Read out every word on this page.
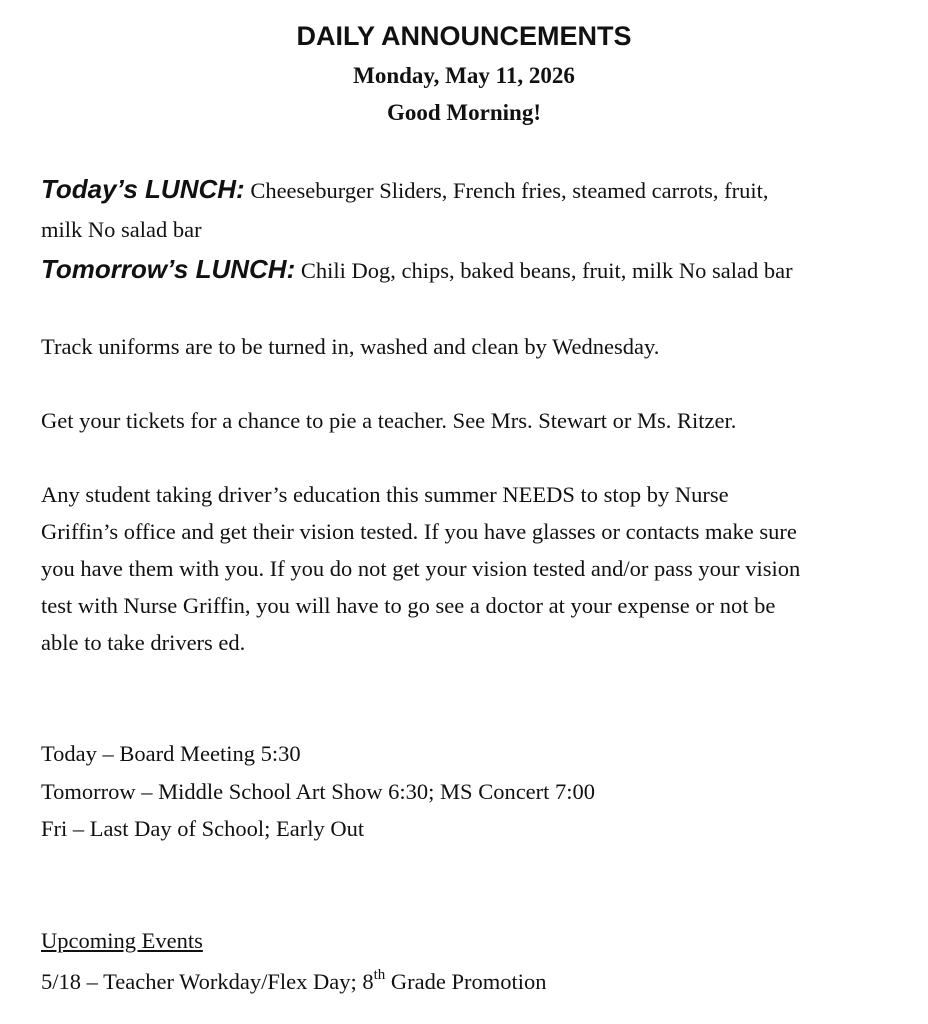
DAILY ANNOUNCEMENTS

Monday, May 11, 2026

Good Morning!

Today’s LUNCH: Cheeseburger Sliders, French fries, steamed carrots, fruit,

milk No salad bar

Tomorrow’s LUNCH: Chili Dog, chips, baked beans, fruit, milk No salad bar

Track uniforms are to be turned in, washed and clean by Wednesday.

Get your tickets for a chance to pie a teacher. See Mrs. Stewart or Ms. Ritzer.

Any student taking driver’s education this summer NEEDS to stop by Nurse

Griffin’s office and get their vision tested. If you have glasses or contacts make sure

you have them with you. If you do not get your vision tested and/or pass your vision

test with Nurse Griffin, you will have to go see a doctor at your expense or not be

able to take drivers ed.

Today – Board Meeting 5:30

Tomorrow – Middle School Art Show 6:30; MS Concert 7:00

Fri – Last Day of School; Early Out

Upcoming Events

5/18 – Teacher Workday/Flex Day; 8th Grade Promotion
